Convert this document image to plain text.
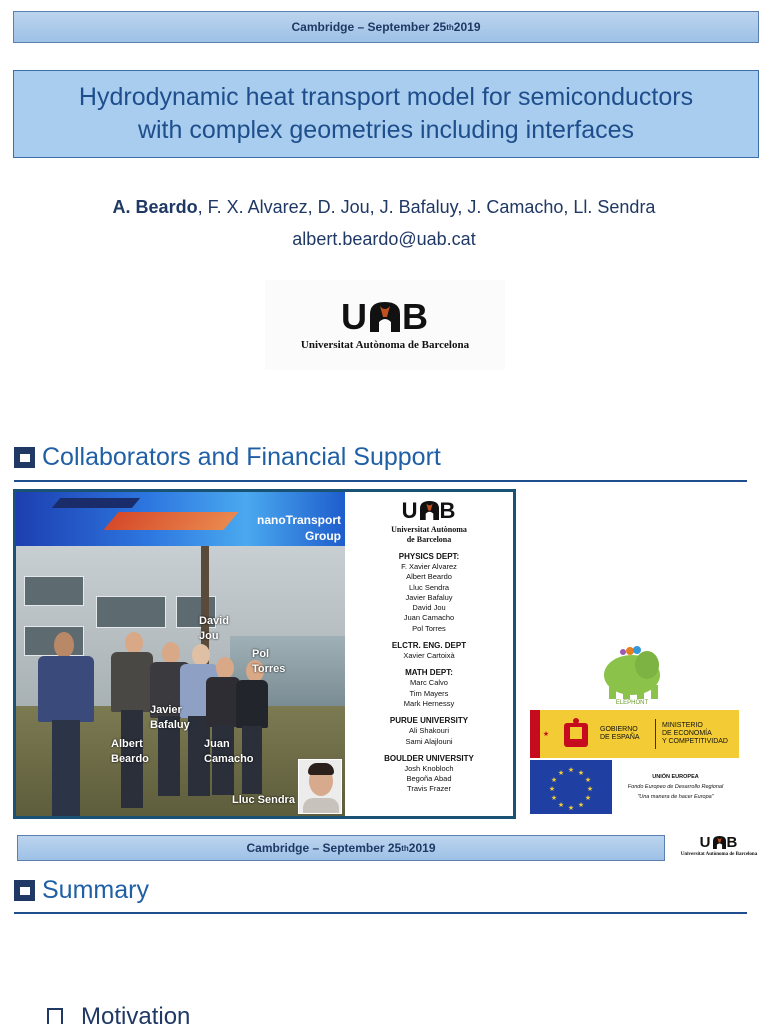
Cambridge – September 25 th 2019
Hydrodynamic heat transport model for semiconductors
with complex geometries including interfaces
A. Beardo, F. X. Alvarez, D. Jou, J. Bafaluy, J. Camacho, Ll. Sendra
albert.beardo@uab.cat
U B
Universitat Autònoma de Barcelona
Collaborators and Financial Support
nanoTransport
Group
David
Jou
Pol
Torres
Javier
Bafaluy
Albert
Beardo
Juan
Camacho
Lluc Sendra
U B
Universitat Autònoma
de Barcelona
PHYSICS DEPT:
F. Xavier Alvarez
Albert Beardo
Lluc Sendra
Javier Bafaluy
David Jou
Juan Camacho
Pol Torres
ELCTR. ENG. DEPT
Xavier Cartoixà
MATH DEPT:
Marc Calvo
Tim Mayers
Mark Hernessy
PURUE UNIVERSITY
Ali Shakouri
Sami Alajlouni
BOULDER UNIVERSITY
Josh Knobloch
Begoña Abad
Travis Frazer
ELEPHONT
★
GOBIERNO
DE ESPAÑA
MINISTERIO
DE ECONOMÍA
Y COMPETITIVIDAD
★ ★
★
★
★
★
★
★
★
★
★
★	UNIÓN EUROPEA
Fondo Europeo de Desarrollo Regional
"Una manera de hacer Europa"
Cambridge – September 25 th 2019	U B
Universitat Autònoma de Barcelona
Summary
Motivation
